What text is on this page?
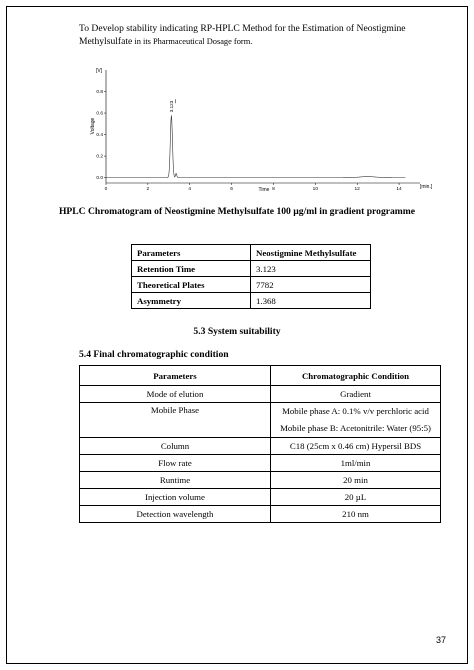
To Develop stability indicating RP-HPLC Method for the Estimation of Neostigmine
Methylsulfate in its Pharmaceutical Dosage form.
[V]
[min.]
Time
Voltage
0	2	4	6	8	10	12	14
0.0
0.2
0.4
0.6
0.8
3.123
HPLC Chromatogram of Neostigmine Methylsulfate 100 µg/ml in gradient programme
Parameters	Neostigmine Methylsulfate
Retention Time	3.123
Theoretical Plates	7782
Asymmetry	1.368
5.3 System suitability
5.4 Final chromatographic condition
Parameters	Chromatographic Condition
Mode of elution	Gradient
Mobile Phase	Mobile phase A: 0.1% v/v perchloric acid
Mobile phase B: Acetonitrile: Water (95:5)

Column	C18 (25cm x 0.46 cm) Hypersil BDS
Flow rate	1ml/min
Runtime	20 min
Injection volume	20 µL
Detection wavelength	210 nm
37
